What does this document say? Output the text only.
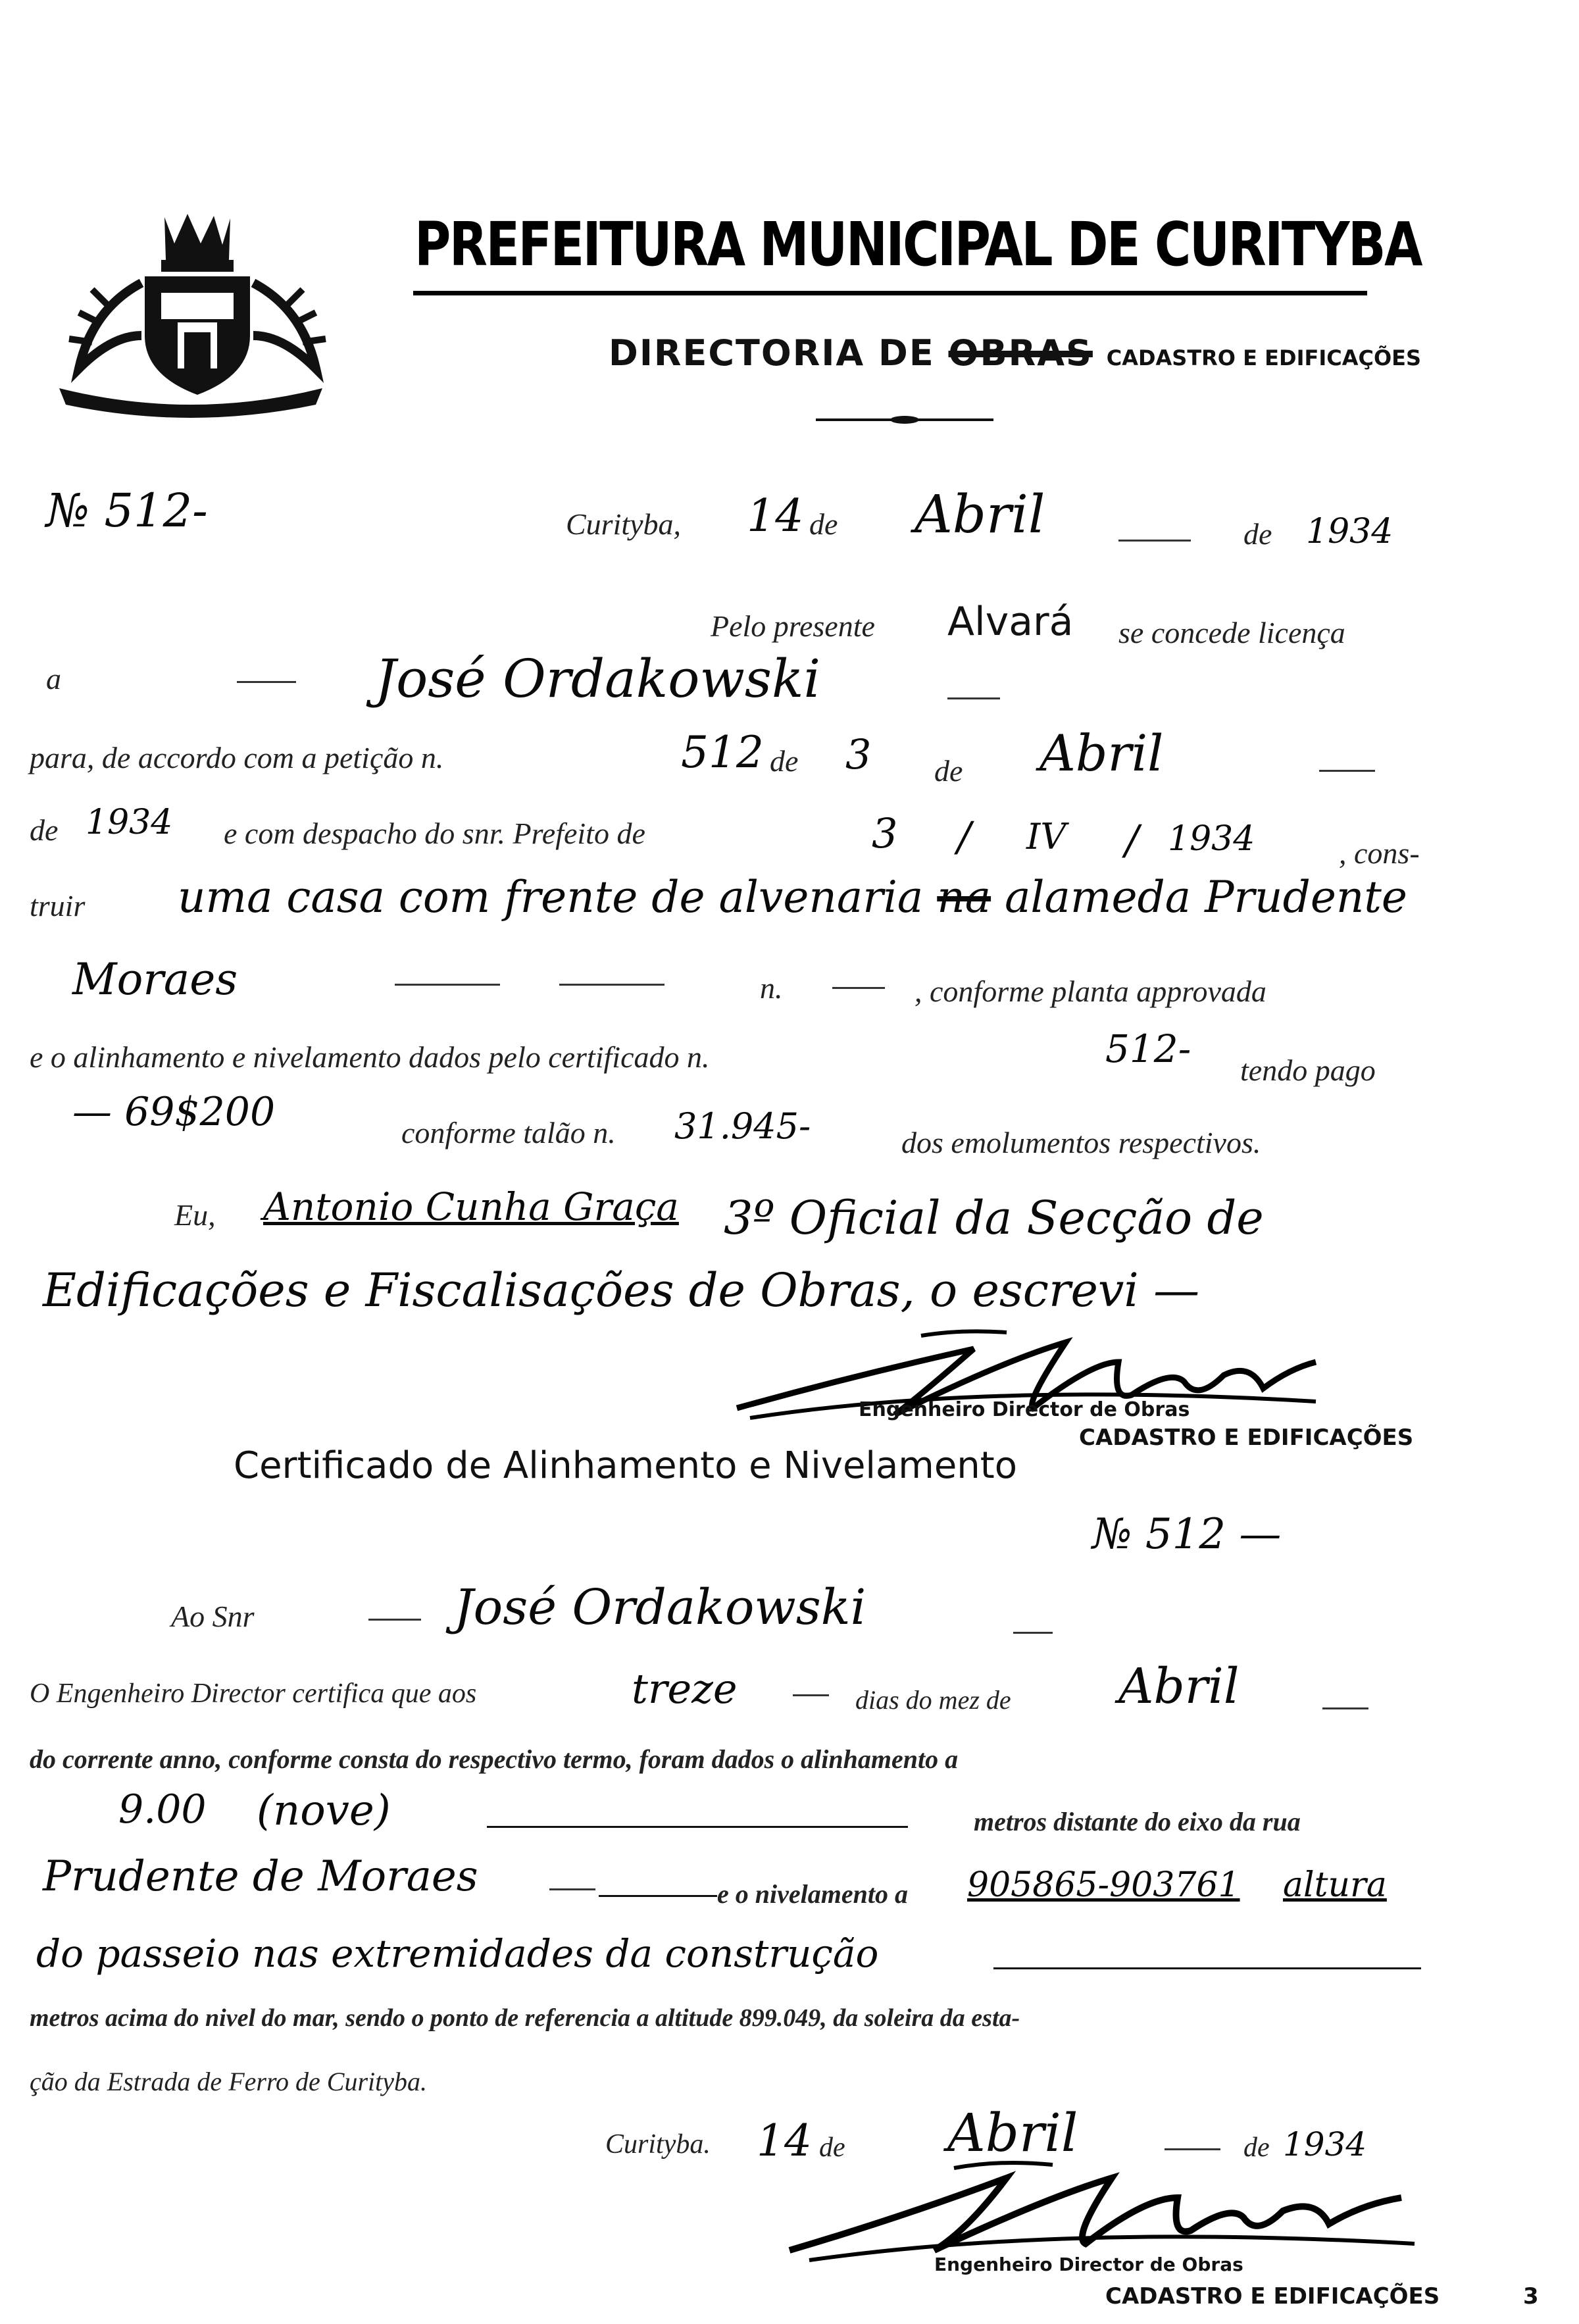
PREFEITURA MUNICIPAL DE CURITYBA
DIRECTORIA DE OBRAS CADASTRO E EDIFICAÇÕES
№ 512-	Curityba, 14 de Abril	de 1934
Pelo presente Alvará se concede licença
a	José Ordakowski
para, de accordo com a petição n.	512 de 3 de Abril
de 1934 e com despacho do snr. Prefeito de	3 / IV / 1934	, cons-
truir uma casa com frente de alvenaria na alameda Prudente
Moraes	n.	, conforme planta approvada
e o alinhamento e nivelamento dados pelo certificado n.	512- tendo pago
— 69$200	conforme talão n. 31.945-	dos emolumentos respectivos.
Eu, Antonio Cunha Graça 3º Oficial da Secção de
Edificações e Fiscalisações de Obras, o escrevi —
Engenheiro Director de Obras
CADASTRO E EDIFICAÇÕES
Certificado de Alinhamento e Nivelamento
№ 512 —
Ao Snr	José Ordakowski
O Engenheiro Director certifica que aos	treze	dias do mez de Abril
do corrente anno, conforme consta do respectivo termo, foram dados o alinhamento a
9.00 (nove)	metros distante do eixo da rua
Prudente de Moraes	e o nivelamento a 905865-903761 altura
do passeio nas extremidades da construção
metros acima do nivel do mar, sendo o ponto de referencia a altitude 899.049, da soleira da esta-
ção da Estrada de Ferro de Curityba.
Curityba. 14 de Abril	de 1934
Engenheiro Director de Obras
CADASTRO E EDIFICAÇÕES	3
